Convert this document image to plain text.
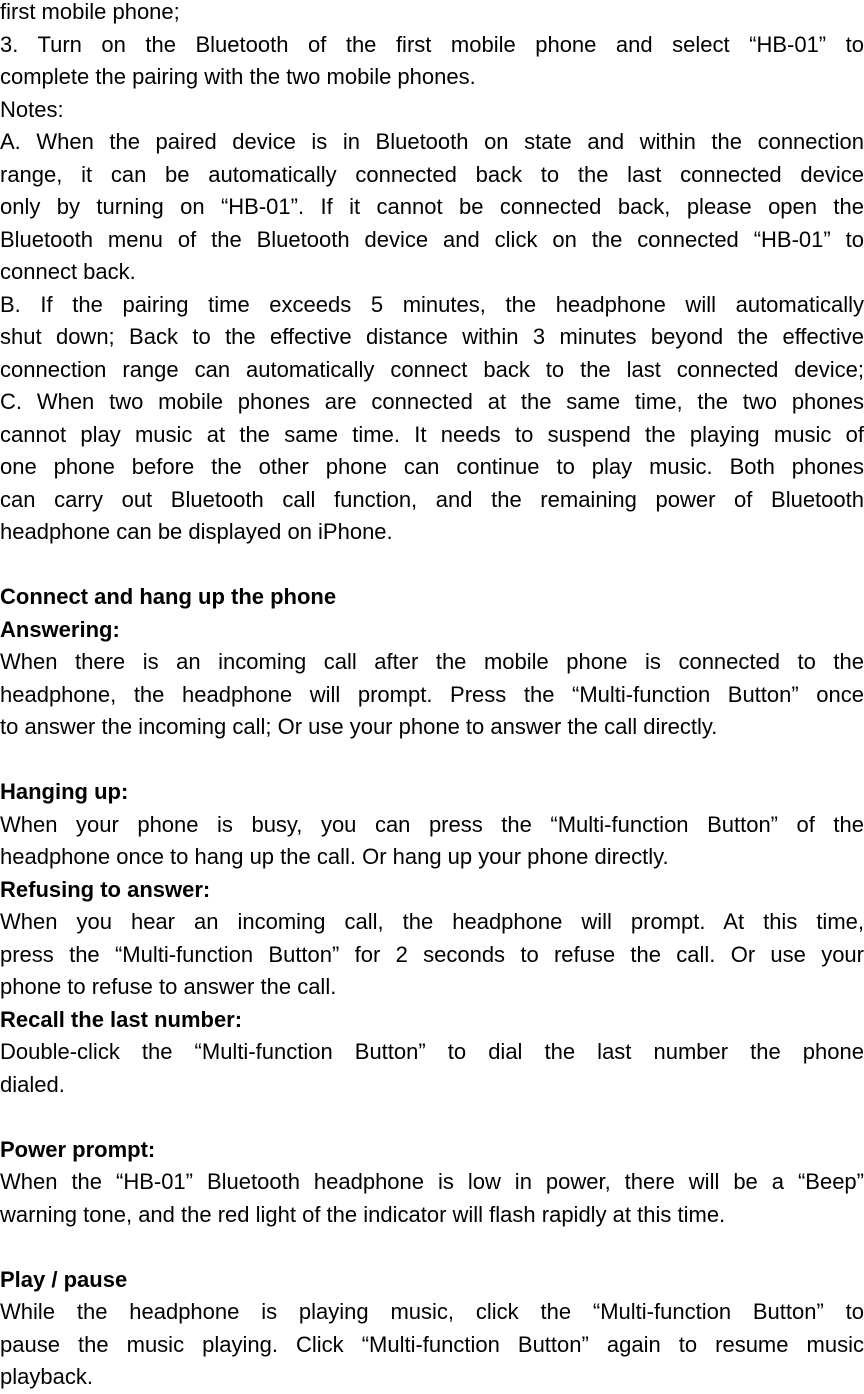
first mobile phone;
3. Turn on the Bluetooth of the first mobile phone and select “HB-01” to
complete the pairing with the two mobile phones.
Notes:
A. When the paired device is in Bluetooth on state and within the connection
range, it can be automatically connected back to the last connected device
only by turning on “HB-01”. If it cannot be connected back, please open the
Bluetooth menu of the Bluetooth device and click on the connected “HB-01” to
connect back.
B. If the pairing time exceeds 5 minutes, the headphone will automatically
shut down; Back to the effective distance within 3 minutes beyond the effective
connection range can automatically connect back to the last connected device;
C. When two mobile phones are connected at the same time, the two phones
cannot play music at the same time. It needs to suspend the playing music of
one phone before the other phone can continue to play music. Both phones
can carry out Bluetooth call function, and the remaining power of Bluetooth
headphone can be displayed on iPhone.
Connect and hang up the phone
Answering:
When there is an incoming call after the mobile phone is connected to the
headphone, the headphone will prompt. Press the “Multi-function Button” once
to answer the incoming call; Or use your phone to answer the call directly.
Hanging up:
When your phone is busy, you can press the “Multi-function Button” of the
headphone once to hang up the call. Or hang up your phone directly.
Refusing to answer:
When you hear an incoming call, the headphone will prompt. At this time,
press the “Multi-function Button” for 2 seconds to refuse the call. Or use your
phone to refuse to answer the call.
Recall the last number:
Double-click the “Multi-function Button” to dial the last number the phone
dialed.
Power prompt:
When the “HB-01” Bluetooth headphone is low in power, there will be a “Beep”
warning tone, and the red light of the indicator will flash rapidly at this time.
Play / pause
While the headphone is playing music, click the “Multi-function Button” to
pause the music playing. Click “Multi-function Button” again to resume music
playback.
